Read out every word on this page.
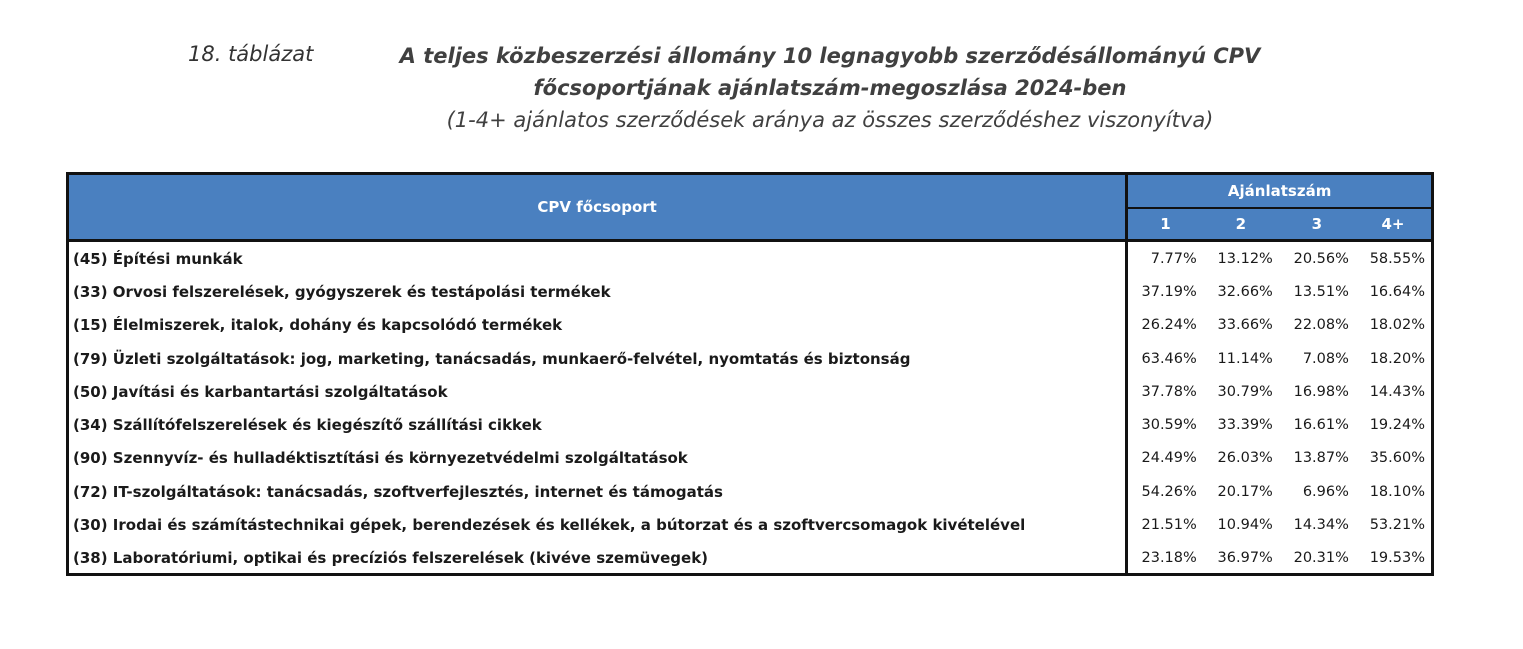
18. táblázat	A teljes közbeszerzési állomány 10 legnagyobb szerződésállományú CPV
főcsoportjának ajánlatszám-megoszlása 2024-ben
(1-4+ ajánlatos szerződések aránya az összes szerződéshez viszonyítva)
CPV főcsoport	Ajánlatszám			
	1	2	3	4+
(45) Építési munkák	7.77%	13.12%	20.56%	58.55%
(33) Orvosi felszerelések, gyógyszerek és testápolási termékek	37.19%	32.66%	13.51%	16.64%
(15) Élelmiszerek, italok, dohány és kapcsolódó termékek	26.24%	33.66%	22.08%	18.02%
(79) Üzleti szolgáltatások: jog, marketing, tanácsadás, munkaerő-felvétel, nyomtatás és biztonság	63.46%	11.14%	7.08%	18.20%
(50) Javítási és karbantartási szolgáltatások	37.78%	30.79%	16.98%	14.43%
(34) Szállítófelszerelések és kiegészítő szállítási cikkek	30.59%	33.39%	16.61%	19.24%
(90) Szennyvíz- és hulladéktisztítási és környezetvédelmi szolgáltatások	24.49%	26.03%	13.87%	35.60%
(72) IT-szolgáltatások: tanácsadás, szoftverfejlesztés, internet és támogatás	54.26%	20.17%	6.96%	18.10%
(30) Irodai és számítástechnikai gépek, berendezések és kellékek, a bútorzat és a szoftvercsomagok kivételével	21.51%	10.94%	14.34%	53.21%
(38) Laboratóriumi, optikai és precíziós felszerelések (kivéve szemüvegek)	23.18%	36.97%	20.31%	19.53%
